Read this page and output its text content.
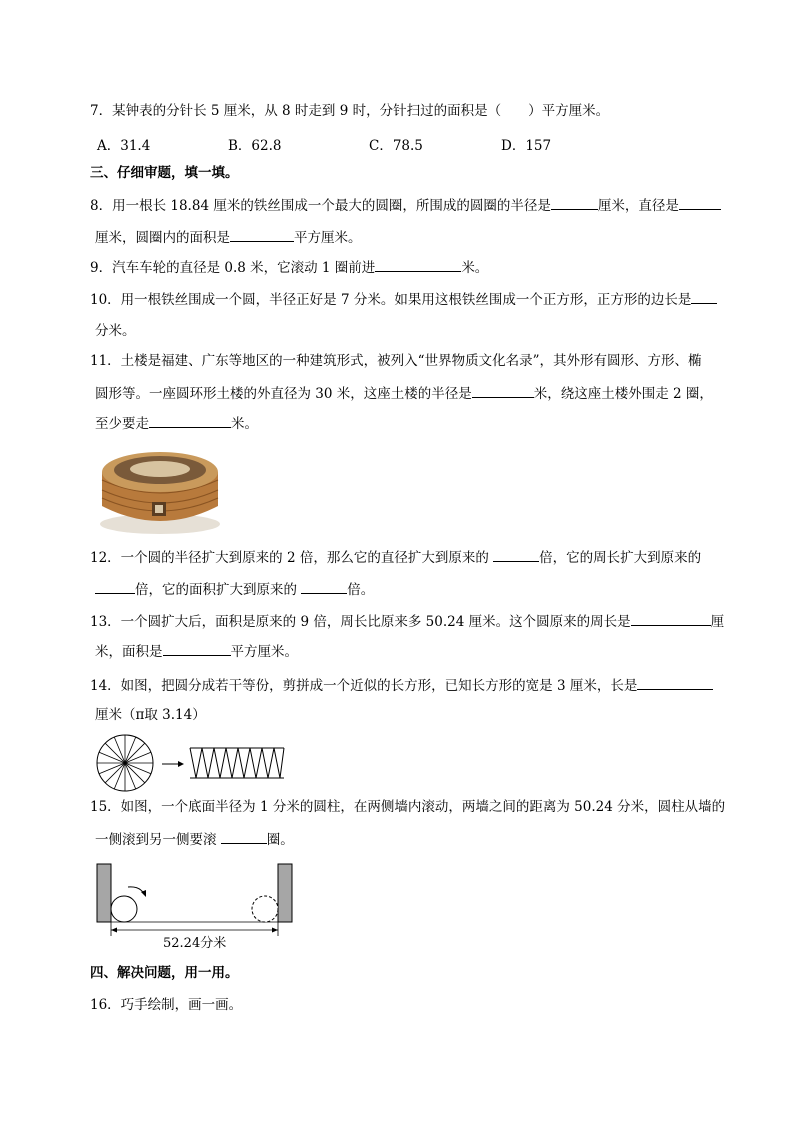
7．某钟表的分针长 5 厘米，从 8 时走到 9 时，分针扫过的面积是（　　）平方厘米。
A．31.4	B．62.8	C．78.5	D．157
三、仔细审题，填一填。
8．用一根长 18.84 厘米的铁丝围成一个最大的圆圈，所围成的圆圈的半径是	厘米，直径是
厘米，圆圈内的面积是	平方厘米。
9．汽车车轮的直径是 0.8 米，它滚动 1 圈前进	米。
10．用一根铁丝围成一个圆，半径正好是 7 分米。如果用这根铁丝围成一个正方形，正方形的边长是
分米。
11．土楼是福建、广东等地区的一种建筑形式，被列入“世界物质文化名录”，其外形有圆形、方形、椭
圆形等。一座圆环形土楼的外直径为 30 米，这座土楼的半径是	米，绕这座土楼外围走 2 圈，
至少要走	米。
12．一个圆的半径扩大到原来的 2 倍，那么它的直径扩大到原来的	倍，它的周长扩大到原来的
倍，它的面积扩大到原来的	倍。
13．一个圆扩大后，面积是原来的 9 倍，周长比原来多 50.24 厘米。这个圆原来的周长是	厘
米，面积是	平方厘米。
14．如图，把圆分成若干等份，剪拼成一个近似的长方形，已知长方形的宽是 3 厘米，长是
厘米（π取 3.14）
15．如图，一个底面半径为 1 分米的圆柱，在两侧墙内滚动，两墙之间的距离为 50.24 分米，圆柱从墙的
一侧滚到另一侧要滚	圈。
52.24分米
四、解决问题，用一用。
16．巧手绘制，画一画。
